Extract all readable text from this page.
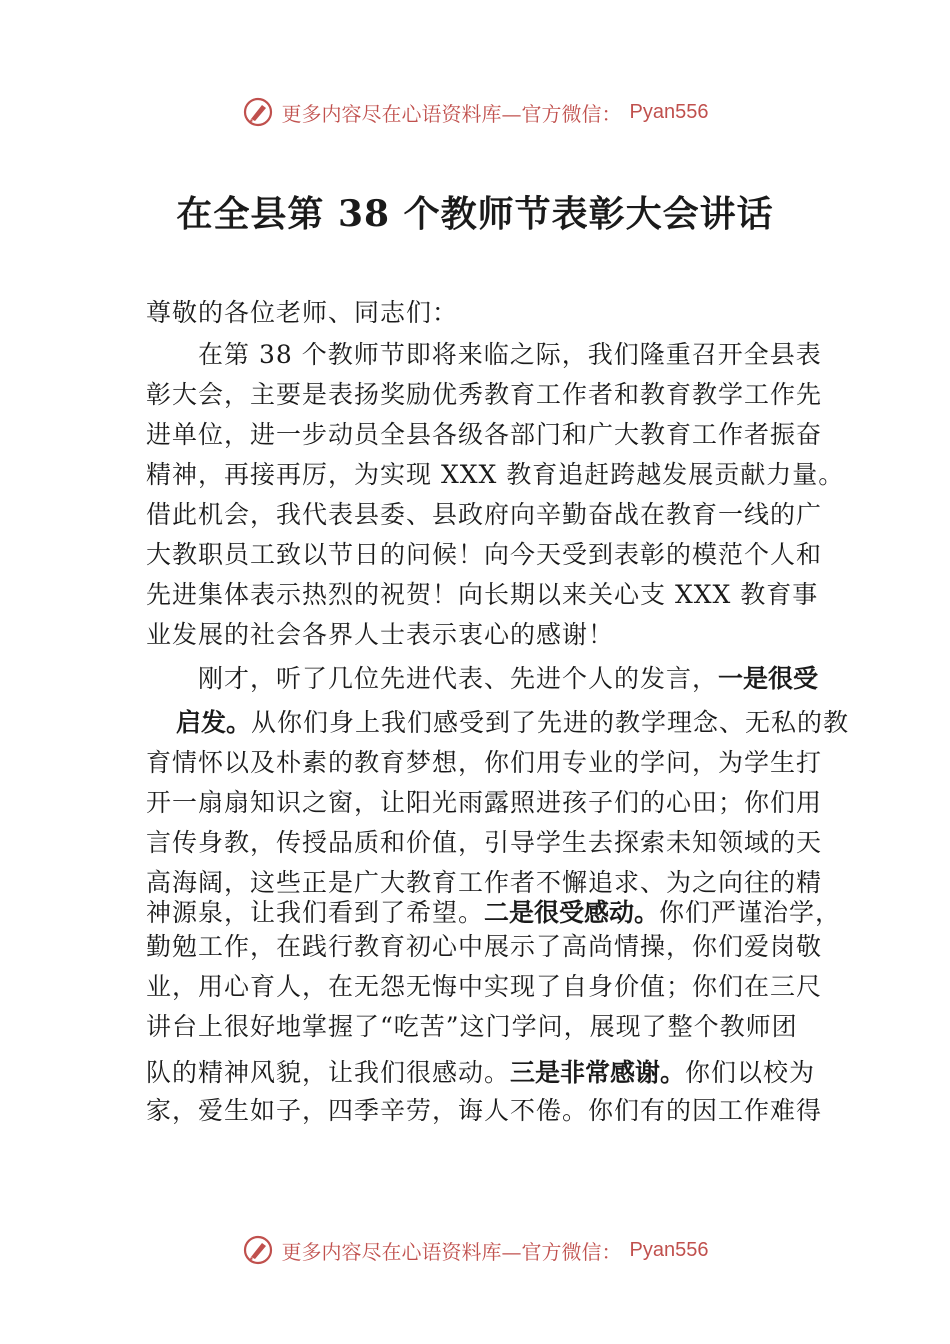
更多内容尽在心语资料库—官方微信： Pyan556
在全县第 38 个教师节表彰大会讲话
尊敬的各位老师、同志们：
　　在第 38 个教师节即将来临之际，我们隆重召开全县表
彰大会，主要是表扬奖励优秀教育工作者和教育教学工作先
进单位，进一步动员全县各级各部门和广大教育工作者振奋
精神，再接再厉，为实现 XXX 教育追赶跨越发展贡献力量。
借此机会，我代表县委、县政府向辛勤奋战在教育一线的广
大教职员工致以节日的问候！向今天受到表彰的模范个人和
先进集体表示热烈的祝贺！向长期以来关心支 XXX 教育事
业发展的社会各界人士表示衷心的感谢！
　　刚才，听了几位先进代表、先进个人的发言，一是很受
启发。从你们身上我们感受到了先进的教学理念、无私的教
育情怀以及朴素的教育梦想，你们用专业的学问，为学生打
开一扇扇知识之窗，让阳光雨露照进孩子们的心田；你们用
言传身教，传授品质和价值，引导学生去探索未知领域的天
高海阔，这些正是广大教育工作者不懈追求、为之向往的精
神源泉，让我们看到了希望。二是很受感动。你们严谨治学，
勤勉工作，在践行教育初心中展示了高尚情操，你们爱岗敬
业，用心育人，在无怨无悔中实现了自身价值；你们在三尺
讲台上很好地掌握了“吃苦”这门学问，展现了整个教师团
队的精神风貌，让我们很感动。三是非常感谢。你们以校为
家，爱生如子，四季辛劳，诲人不倦。你们有的因工作难得
更多内容尽在心语资料库—官方微信： Pyan556
